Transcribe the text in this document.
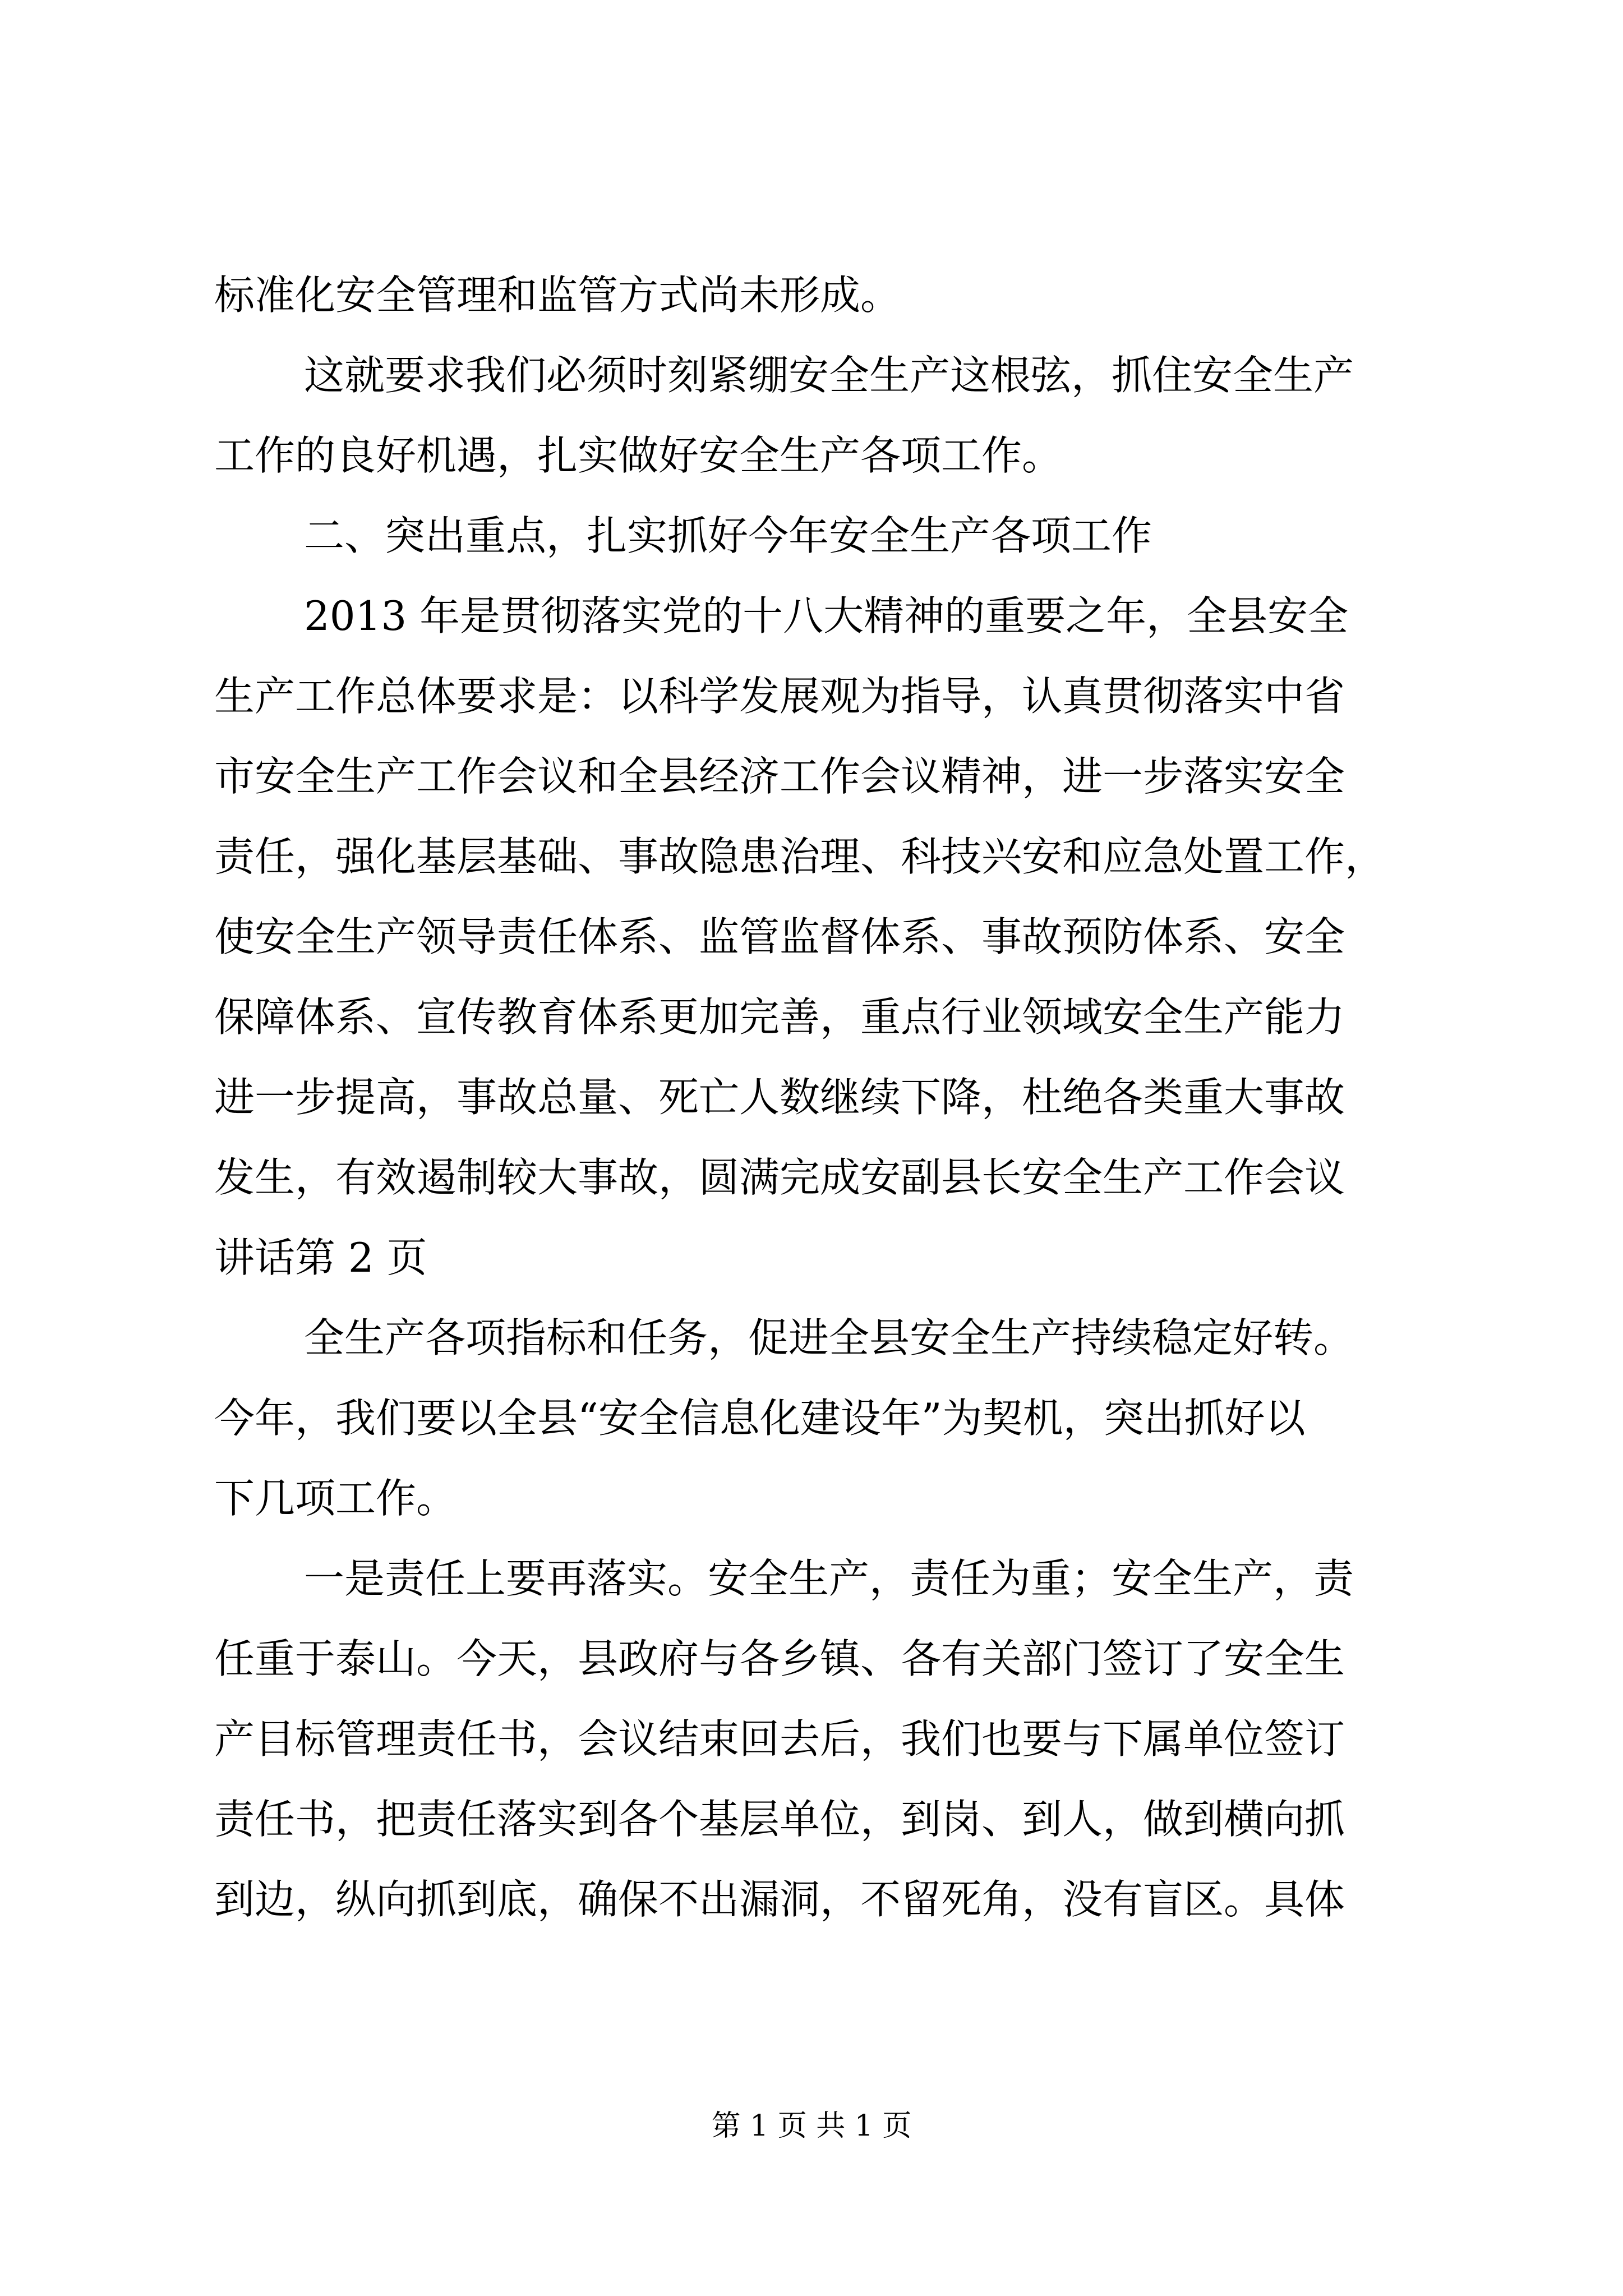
标准化安全管理和监管方式尚未形成。
这就要求我们必须时刻紧绷安全生产这根弦，抓住安全生产
工作的良好机遇，扎实做好安全生产各项工作。
二、突出重点，扎实抓好今年安全生产各项工作
2013 年是贯彻落实党的十八大精神的重要之年，全县安全
生产工作总体要求是：以科学发展观为指导，认真贯彻落实中省
市安全生产工作会议和全县经济工作会议精神，进一步落实安全
责任，强化基层基础、事故隐患治理、科技兴安和应急处置工作，
使安全生产领导责任体系、监管监督体系、事故预防体系、安全
保障体系、宣传教育体系更加完善，重点行业领域安全生产能力
进一步提高，事故总量、死亡人数继续下降，杜绝各类重大事故
发生，有效遏制较大事故，圆满完成安副县长安全生产工作会议
讲话第 2 页
全生产各项指标和任务，促进全县安全生产持续稳定好转。
今年，我们要以全县“安全信息化建设年”为契机，突出抓好以
下几项工作。
一是责任上要再落实。安全生产，责任为重；安全生产，责
任重于泰山。今天，县政府与各乡镇、各有关部门签订了安全生
产目标管理责任书，会议结束回去后，我们也要与下属单位签订
责任书，把责任落实到各个基层单位，到岗、到人，做到横向抓
到边，纵向抓到底，确保不出漏洞，不留死角，没有盲区。具体
第 1 页 共 1 页
